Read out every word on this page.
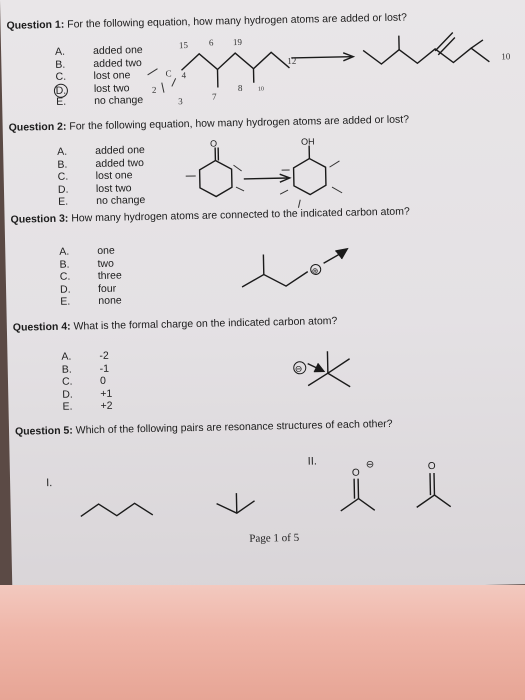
Question 1: For the following equation, how many hydrogen atoms are added or lost?
A.	added one
B.	added two
C.	lost one
D.	lost two
E.	no change
15 6 19
12	10
4
2
C
8
7
3
10
Question 2: For the following equation, how many hydrogen atoms are added or lost?
A.	added one
B.	added two
C.	lost one
D.	lost two
E.	no change
O	OH
Question 3: How many hydrogen atoms are connected to the indicated carbon atom?
A.	one
B.	two
C.	three
D.	four
E.	none
⊕
Question 4: What is the formal charge on the indicated carbon atom?
A.	-2
B.	-1
C.	0
D.	+1
E.	+2
⊖
Question 5: Which of the following pairs are resonance structures of each other?
I.
II.
O
⊖	O
Page 1 of 5
